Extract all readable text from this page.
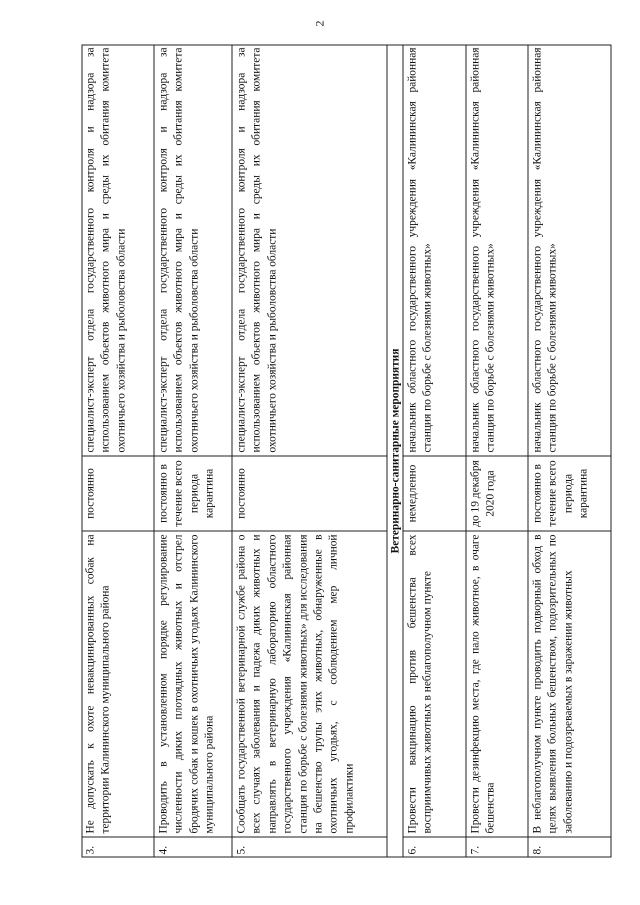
2
3.
Не допускать к охоте невакцинированных собак на территории Калининского муниципального района
постоянно
специалист-эксперт отдела государственного контроля и надзора за использованием объектов животного мира и среды их обитания комитета охотничьего хозяйства и рыболовства области
4.
Проводить в установленном порядке регулирование численности диких плотоядных животных и отстрел бродячих собак и кошек в охотничьих угодьях Калининского муниципального района
постоянно в течение всего периода карантина
специалист-эксперт отдела государственного контроля и надзора за использованием объектов животного мира и среды их обитания комитета охотничьего хозяйства и рыболовства области
5.
Сообщать государственной ветеринарной службе района о всех случаях заболевания и падежа диких животных и направлять в ветеринарную лабораторию областного государственного учреждения «Калининская районная станция по борьбе с болезнями животных» для исследования на бешенство трупы этих животных, обнаруженные в охотничьих угодьях, с соблюдением мер личной профилактики
постоянно
специалист-эксперт отдела государственного контроля и надзора за использованием объектов животного мира и среды их обитания комитета охотничьего хозяйства и рыболовства области	Ветеринарно-санитарные мероприятия
6.
Провести вакцинацию против бешенства всех восприимчивых животных в неблагополучном пункте
немедленно
начальник областного государственного учреждения «Калининская районная станция по борьбе с болезнями животных»
7.
Провести дезинфекцию места, где пало животное, в очаге бешенства
до 19 декабря 2020 года
начальник областного государственного учреждения «Калининская районная станция по борьбе с болезнями животных»
8.
В неблагополучном пункте проводить подворный обход в целях выявления больных бешенством, подозрительных по заболеванию и подозреваемых в заражении животных
постоянно в течение всего периода карантина
начальник областного государственного учреждения «Калининская районная станция по борьбе с болезнями животных»
